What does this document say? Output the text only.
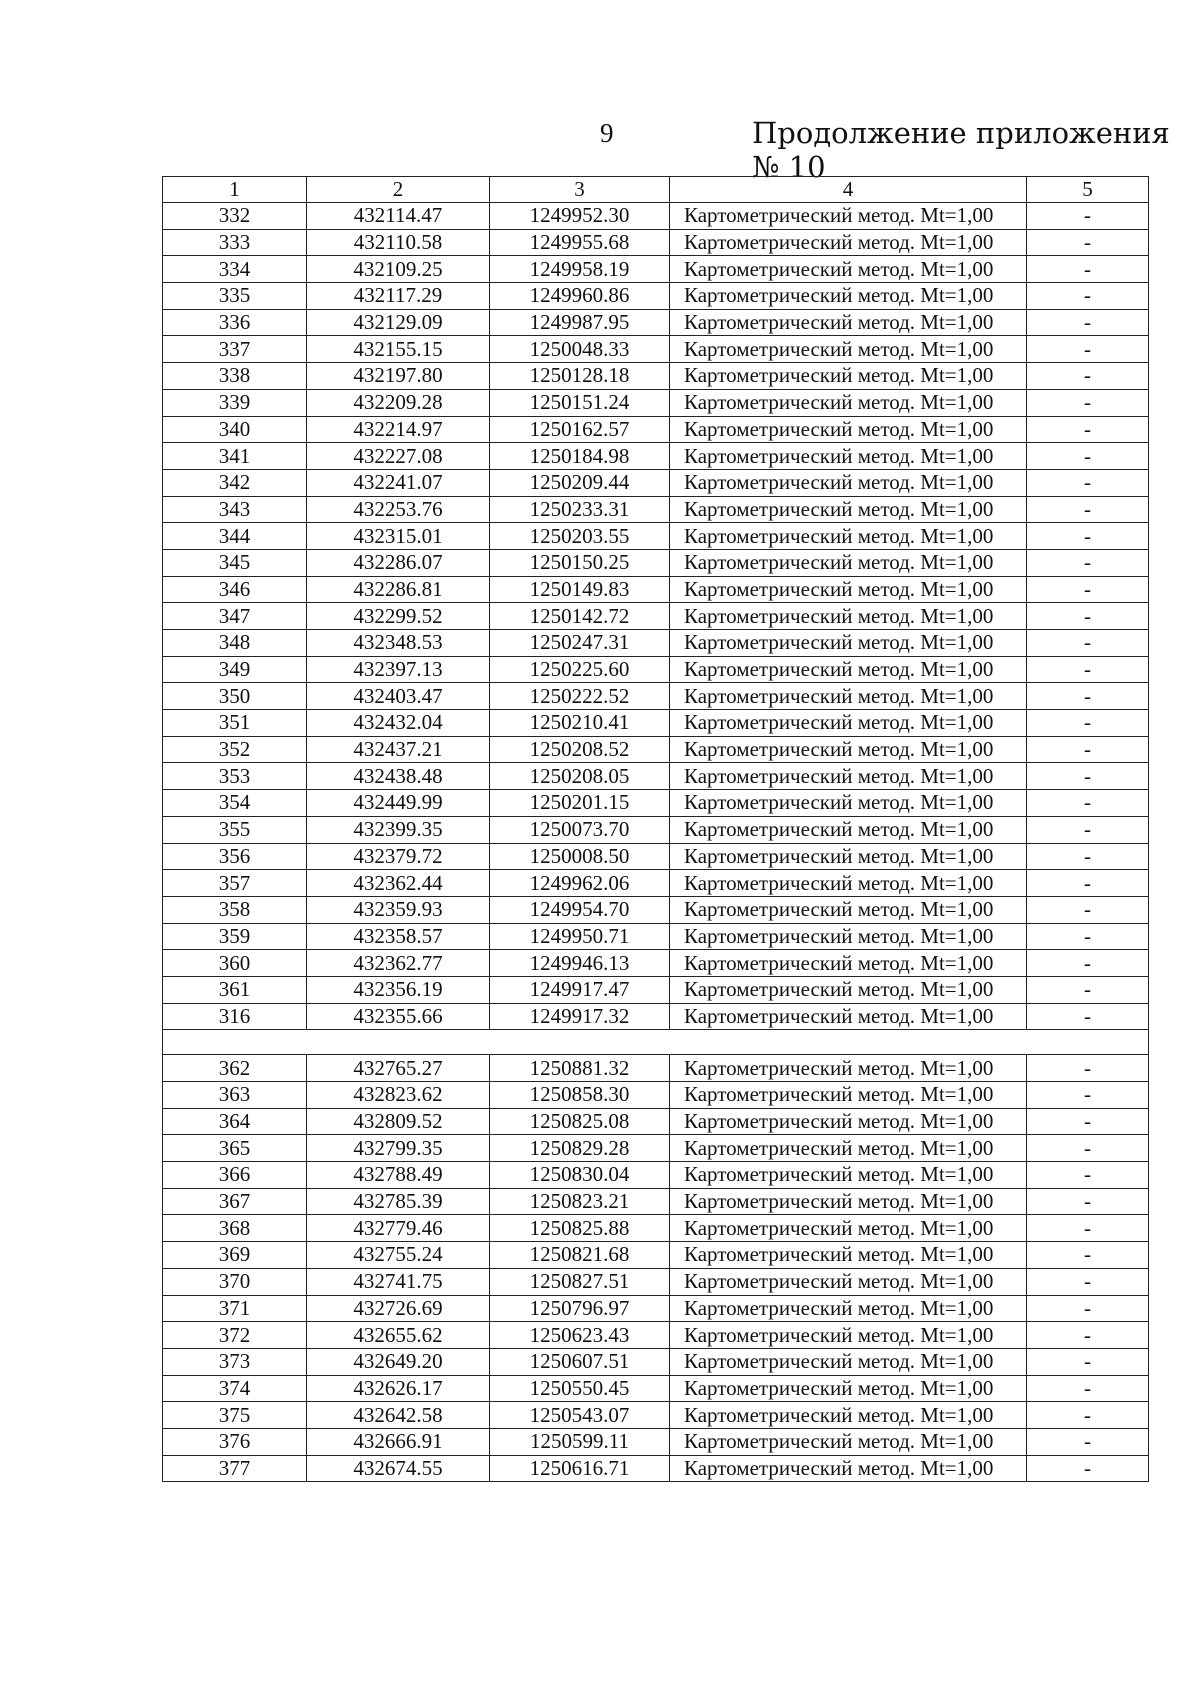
9	Продолжение приложения № 10
1	2	3	4	5
332	432114.47	1249952.30	Картометрический метод. Mt=1,00	-
333	432110.58	1249955.68	Картометрический метод. Mt=1,00	-
334	432109.25	1249958.19	Картометрический метод. Mt=1,00	-
335	432117.29	1249960.86	Картометрический метод. Mt=1,00	-
336	432129.09	1249987.95	Картометрический метод. Mt=1,00	-
337	432155.15	1250048.33	Картометрический метод. Mt=1,00	-
338	432197.80	1250128.18	Картометрический метод. Mt=1,00	-
339	432209.28	1250151.24	Картометрический метод. Mt=1,00	-
340	432214.97	1250162.57	Картометрический метод. Mt=1,00	-
341	432227.08	1250184.98	Картометрический метод. Mt=1,00	-
342	432241.07	1250209.44	Картометрический метод. Mt=1,00	-
343	432253.76	1250233.31	Картометрический метод. Mt=1,00	-
344	432315.01	1250203.55	Картометрический метод. Mt=1,00	-
345	432286.07	1250150.25	Картометрический метод. Mt=1,00	-
346	432286.81	1250149.83	Картометрический метод. Mt=1,00	-
347	432299.52	1250142.72	Картометрический метод. Mt=1,00	-
348	432348.53	1250247.31	Картометрический метод. Mt=1,00	-
349	432397.13	1250225.60	Картометрический метод. Mt=1,00	-
350	432403.47	1250222.52	Картометрический метод. Mt=1,00	-
351	432432.04	1250210.41	Картометрический метод. Mt=1,00	-
352	432437.21	1250208.52	Картометрический метод. Mt=1,00	-
353	432438.48	1250208.05	Картометрический метод. Mt=1,00	-
354	432449.99	1250201.15	Картометрический метод. Mt=1,00	-
355	432399.35	1250073.70	Картометрический метод. Mt=1,00	-
356	432379.72	1250008.50	Картометрический метод. Mt=1,00	-
357	432362.44	1249962.06	Картометрический метод. Mt=1,00	-
358	432359.93	1249954.70	Картометрический метод. Mt=1,00	-
359	432358.57	1249950.71	Картометрический метод. Mt=1,00	-
360	432362.77	1249946.13	Картометрический метод. Mt=1,00	-
361	432356.19	1249917.47	Картометрический метод. Mt=1,00	-
316	432355.66	1249917.32	Картометрический метод. Mt=1,00	-

362	432765.27	1250881.32	Картометрический метод. Mt=1,00	-
363	432823.62	1250858.30	Картометрический метод. Mt=1,00	-
364	432809.52	1250825.08	Картометрический метод. Mt=1,00	-
365	432799.35	1250829.28	Картометрический метод. Mt=1,00	-
366	432788.49	1250830.04	Картометрический метод. Mt=1,00	-
367	432785.39	1250823.21	Картометрический метод. Mt=1,00	-
368	432779.46	1250825.88	Картометрический метод. Mt=1,00	-
369	432755.24	1250821.68	Картометрический метод. Mt=1,00	-
370	432741.75	1250827.51	Картометрический метод. Mt=1,00	-
371	432726.69	1250796.97	Картометрический метод. Mt=1,00	-
372	432655.62	1250623.43	Картометрический метод. Mt=1,00	-
373	432649.20	1250607.51	Картометрический метод. Mt=1,00	-
374	432626.17	1250550.45	Картометрический метод. Mt=1,00	-
375	432642.58	1250543.07	Картометрический метод. Mt=1,00	-
376	432666.91	1250599.11	Картометрический метод. Mt=1,00	-
377	432674.55	1250616.71	Картометрический метод. Mt=1,00	-
